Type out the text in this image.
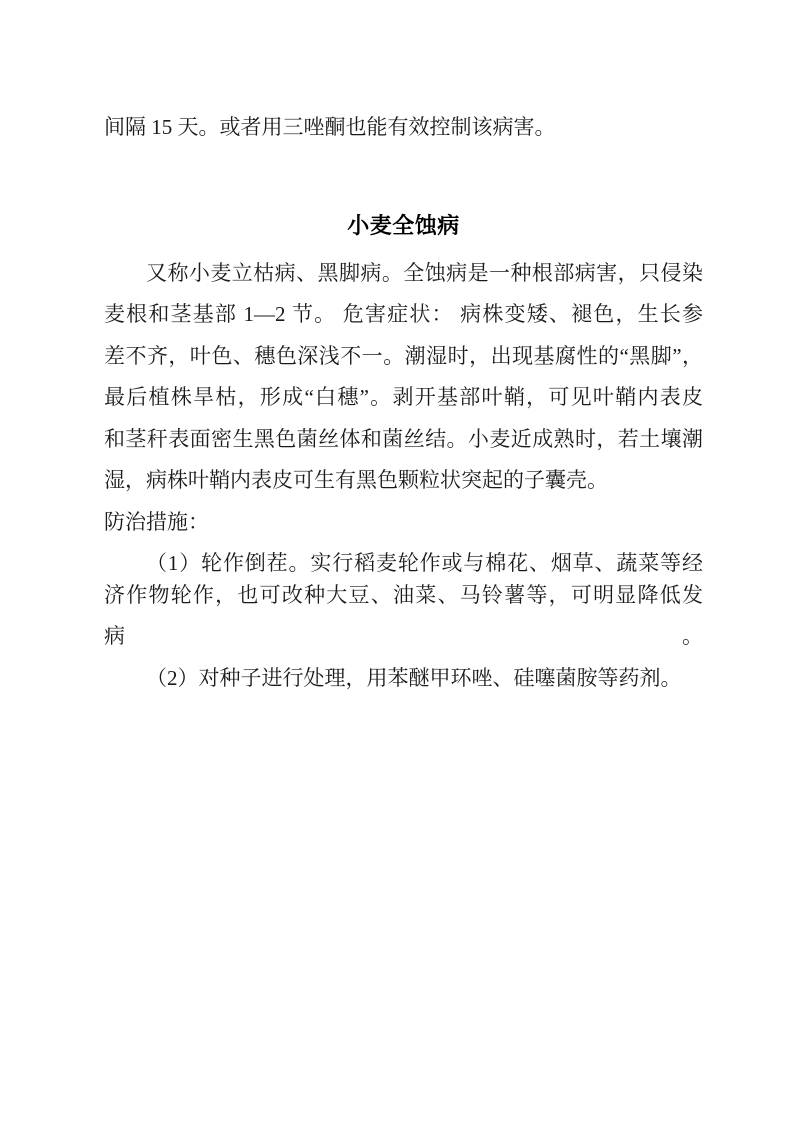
间隔 15 天。或者用三唑酮也能有效控制该病害。
小麦全蚀病
又称小麦立枯病、黑脚病。全蚀病是一种根部病害，只侵染
麦根和茎基部 1—2 节。 危害症状： 病株变矮、褪色，生长参
差不齐，叶色、穗色深浅不一。潮湿时，出现基腐性的“黑脚”，
最后植株旱枯，形成“白穗”。剥开基部叶鞘，可见叶鞘内表皮
和茎秆表面密生黑色菌丝体和菌丝结。小麦近成熟时，若土壤潮
湿，病株叶鞘内表皮可生有黑色颗粒状突起的子囊壳。
防治措施：
（1）轮作倒茬。实行稻麦轮作或与棉花、烟草、蔬菜等经
济作物轮作，也可改种大豆、油菜、马铃薯等，可明显降低发病。
（2）对种子进行处理，用苯醚甲环唑、硅噻菌胺等药剂。
